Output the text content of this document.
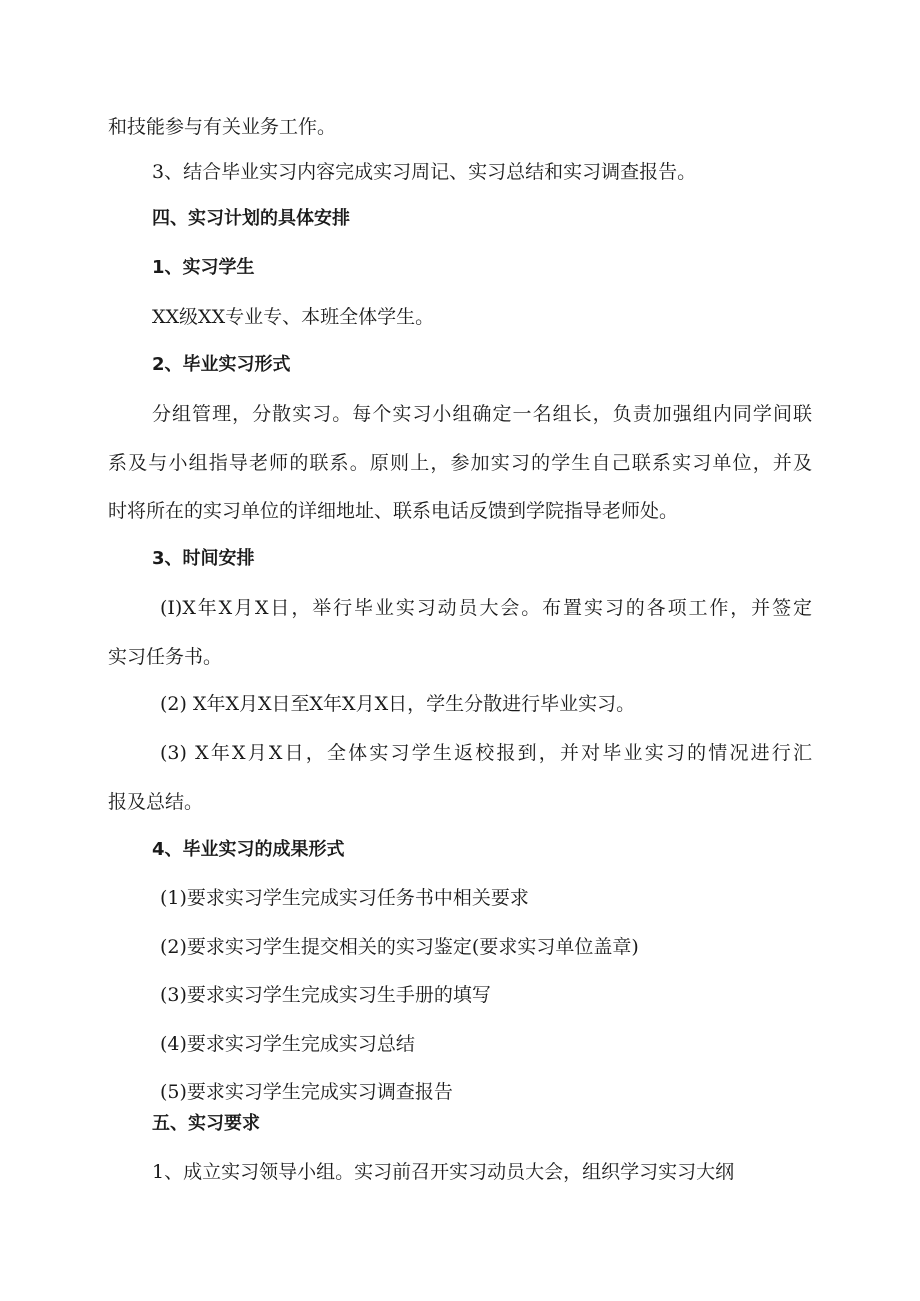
和技能参与有关业务工作。
3、结合毕业实习内容完成实习周记、实习总结和实习调查报告。
四、实习计划的具体安排
1、实习学生
XX级XX专业专、本班全体学生。
2、毕业实习形式
分组管理，分散实习。每个实习小组确定一名组长，负责加强组内同学间联
系及与小组指导老师的联系。原则上，参加实习的学生自己联系实习单位，并及
时将所在的实习单位的详细地址、联系电话反馈到学院指导老师处。
3、时间安排
(I)X年X月X日，举行毕业实习动员大会。布置实习的各项工作，并签定
实习任务书。
(2) X年X月X日至X年X月X日，学生分散进行毕业实习。
(3) X年X月X日，全体实习学生返校报到，并对毕业实习的情况进行汇
报及总结。
4、毕业实习的成果形式
(1)要求实习学生完成实习任务书中相关要求
(2)要求实习学生提交相关的实习鉴定(要求实习单位盖章)
(3)要求实习学生完成实习生手册的填写
(4)要求实习学生完成实习总结
(5)要求实习学生完成实习调查报告
五、实习要求
1、成立实习领导小组。实习前召开实习动员大会，组织学习实习大纲
